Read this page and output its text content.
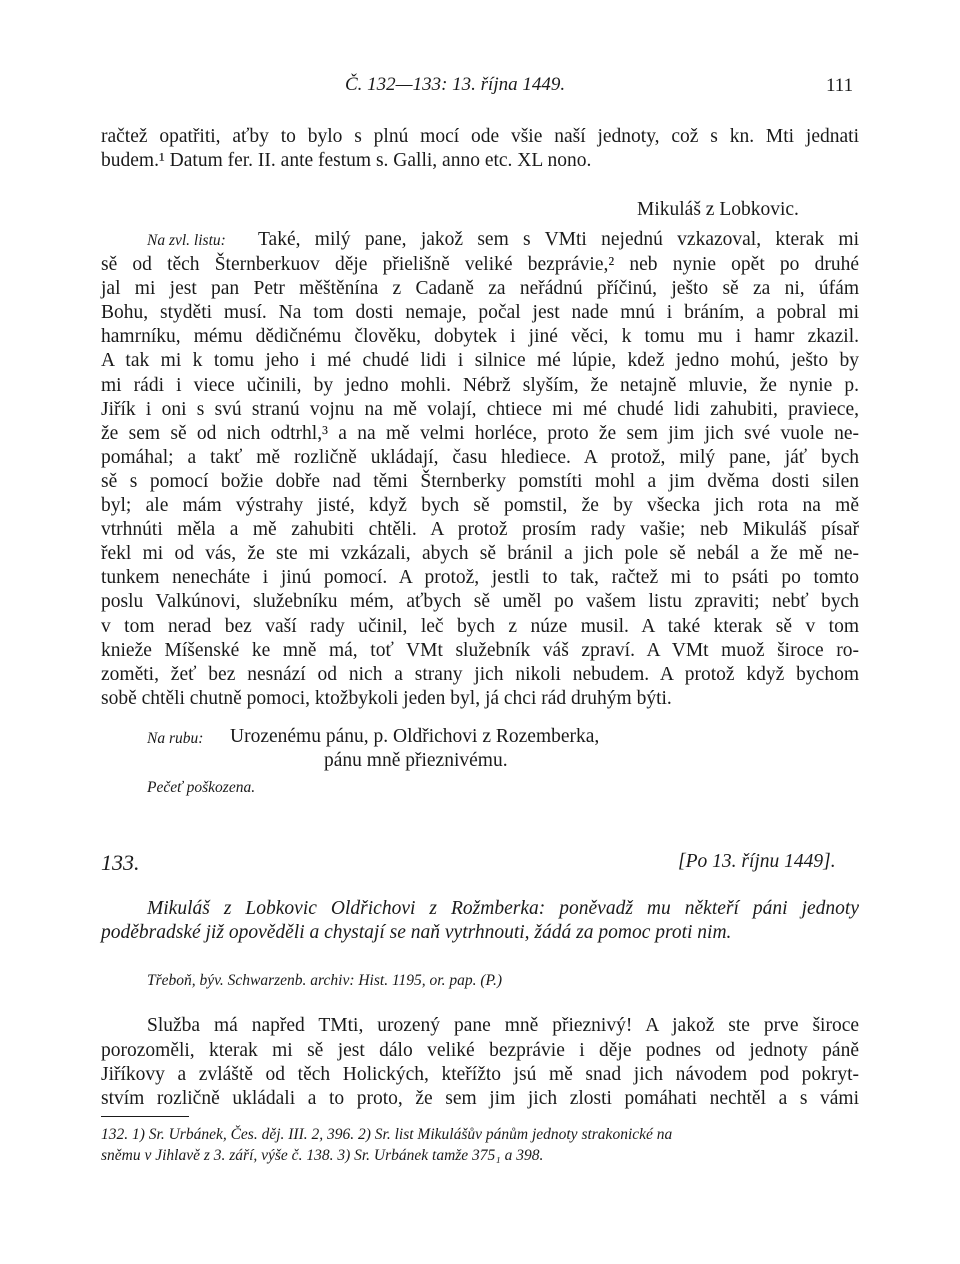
Č. 132—133: 13. října 1449.	111
račtež opatřiti, aťby to bylo s plnú mocí ode všie naší jednoty, což s kn. Mti jednati
budem.¹ Datum fer. II. ante festum s. Galli, anno etc. XL nono.
Mikuláš z Lobkovic.
Na zvl. listu: Také, milý pane, jakož sem s VMti nejednú vzkazoval, kterak mi
sě od těch Šternberkuov děje přielišně veliké bezprávie,² neb nynie opět po druhé
jal mi jest pan Petr měštěnína z Cadaně za neřádnú příčinú, ješto sě za ni, úfám
Bohu, styděti musí. Na tom dosti nemaje, počal jest nade mnú i bráním, a pobral mi
hamrníku, mému dědičnému člověku, dobytek i jiné věci, k tomu mu i hamr zkazil.
A tak mi k tomu jeho i mé chudé lidi i silnice mé lúpie, kdež jedno mohú, ješto by
mi rádi i viece učinili, by jedno mohli. Nébrž slyším, že netajně mluvie, že nynie p.
Jiřík i oni s svú stranú vojnu na mě volají, chtiece mi mé chudé lidi zahubiti, praviece,
že sem sě od nich odtrhl,³ a na mě velmi horléce, proto že sem jim jich své vuole ne-
pomáhal; a takť mě rozličně ukládají, času hlediece. A protož, milý pane, jáť bych
sě s pomocí božie dobře nad těmi Šternberky pomstíti mohl a jim dvěma dosti silen
byl; ale mám výstrahy jisté, když bych sě pomstil, že by všecka jich rota na mě
vtrhnúti měla a mě zahubiti chtěli. A protož prosím rady vašie; neb Mikuláš písař
řekl mi od vás, že ste mi vzkázali, abych sě bránil a jich pole sě nebál a že mě ne-
tunkem nenecháte i jinú pomocí. A protož, jestli to tak, račtež mi to psáti po tomto
poslu Valkúnovi, služebníku mém, aťbych sě uměl po vašem listu zpraviti; nebť bych
v tom nerad bez vaší rady učinil, leč bych z núze musil. A také kterak sě v tom
knieže Míšenské ke mně má, toť VMt služebník váš zpraví. A VMt muož široce ro-
zoměti, žeť bez nesnází od nich a strany jich nikoli nebudem. A protož když bychom
sobě chtěli chutně pomoci, ktožbykoli jeden byl, já chci rád druhým býti.
Na rubu: Urozenému pánu, p. Oldřichovi z Rozemberka,
pánu mně přieznivému.
Pečeť poškozena.
133.	[Po 13. říjnu 1449].
Mikuláš z Lobkovic Oldřichovi z Rožmberka: poněvadž mu někteří páni jednoty
poděbradské již opověděli a chystají se naň vytrhnouti, žádá za pomoc proti nim.
Třeboň, býv. Schwarzenb. archiv: Hist. 1195, or. pap. (P.)
Služba má napřed TMti, urozený pane mně přieznivý! A jakož ste prve široce
porozoměli, kterak mi sě jest dálo veliké bezprávie i děje podnes od jednoty páně
Jiříkovy a zvláště od těch Holických, kteřížto jsú mě snad jich návodem pod pokryt-
stvím rozličně ukládali a to proto, že sem jim jich zlosti pomáhati nechtěl a s vámi
132. 1) Sr. Urbánek, Čes. děj. III. 2, 396. 2) Sr. list Mikulášův pánům jednoty strakonické na
sněmu v Jihlavě z 3. září, výše č. 138. 3) Sr. Urbánek tamže 375₁ a 398.
